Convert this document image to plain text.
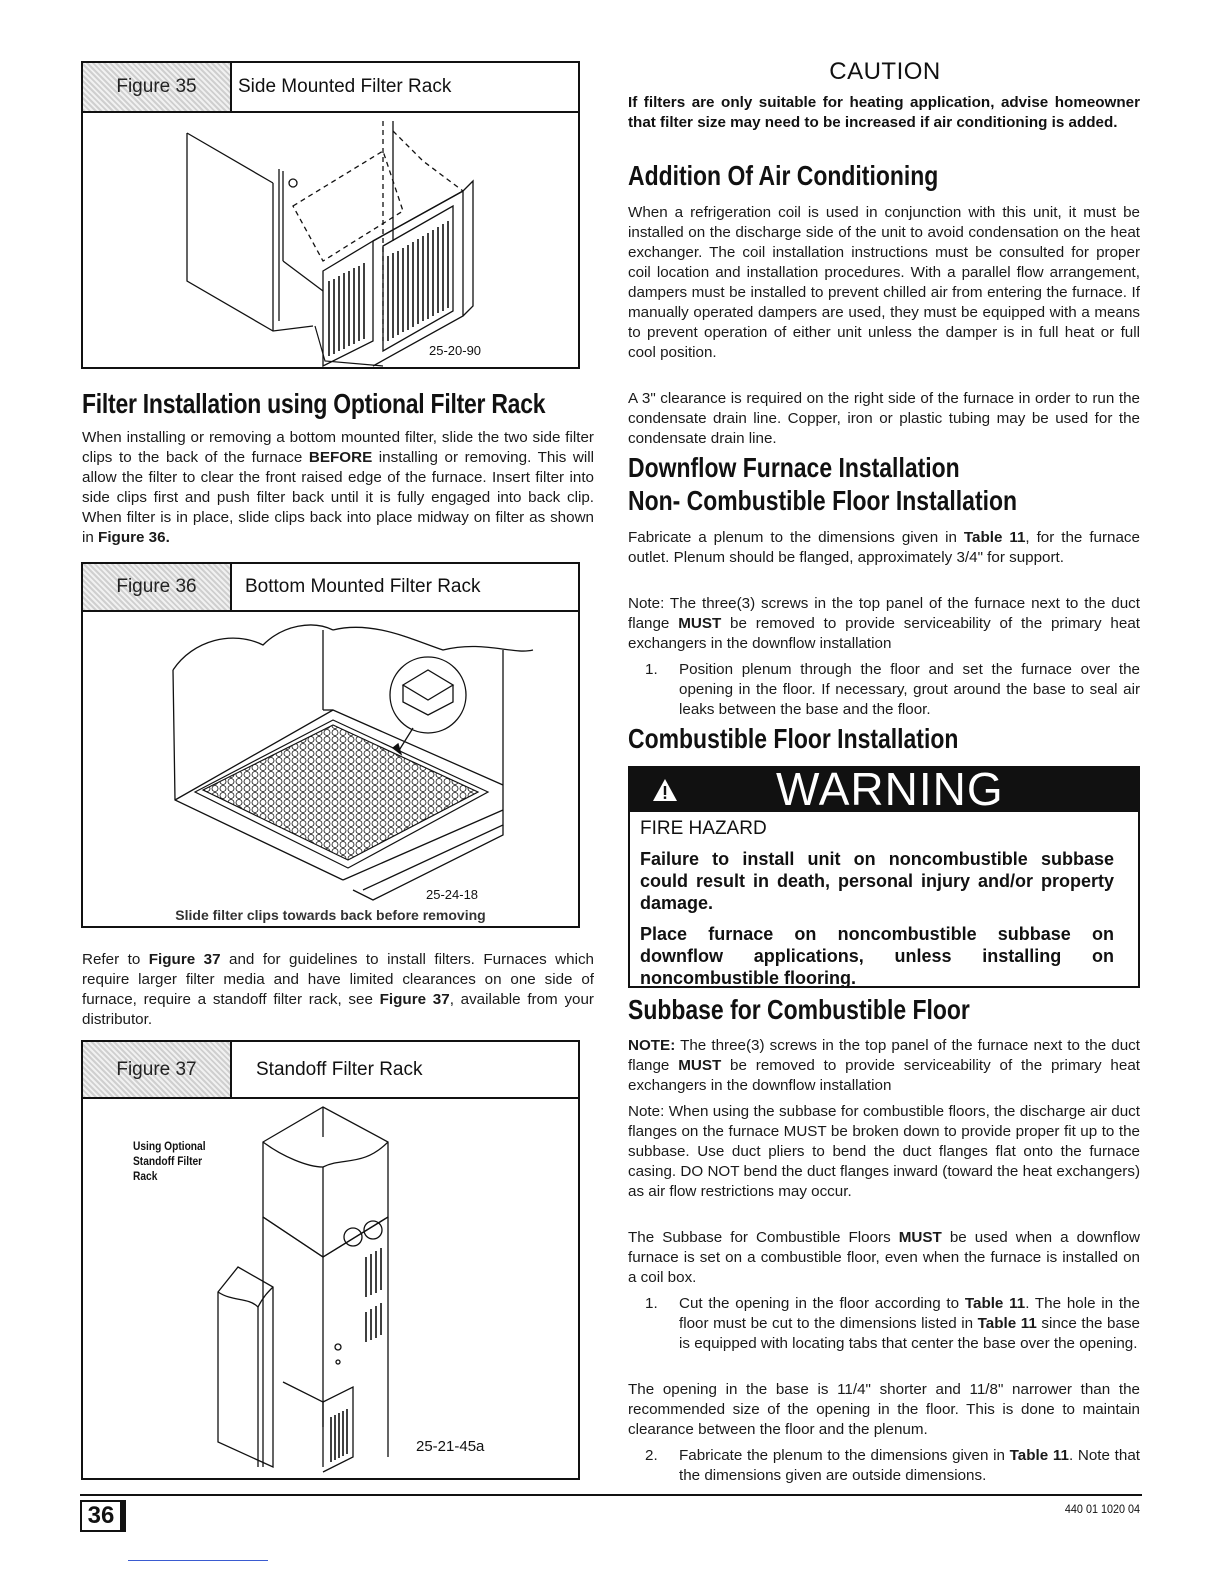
Figure 35	Side Mounted Filter Rack
25-20-90
Filter Installation using Optional Filter Rack
When installing or removing a bottom mounted filter, slide the two side filter clips to the back of the furnace BEFORE installing or removing. This will allow the filter to clear the front raised edge of the furnace. Insert filter into side clips first and push filter back until it is fully engaged into back clip. When filter is in place, slide clips back into place midway on filter as shown in Figure 36.
Figure 36	Bottom Mounted Filter Rack
25-24-18
Slide filter clips towards back before removing
Refer to Figure 37 and for guidelines to install filters. Furnaces which require larger filter media and have limited clearances on one side of furnace, require a standoff filter rack, see Figure 37, available from your distributor.
Figure 37	Standoff Filter Rack
Using Optional
Standoff Filter
Rack
25-21-45a
CAUTION
If filters are only suitable for heating application, advise homeowner that filter size may need to be increased if air conditioning is added.
Addition Of Air Conditioning
When a refrigeration coil is used in conjunction with this unit, it must be installed on the discharge side of the unit to avoid condensation on the heat exchanger. The coil installation instructions must be consulted for proper coil location and installation procedures. With a parallel flow arrangement, dampers must be installed to prevent chilled air from entering the furnace. If manually operated dampers are used, they must be equipped with a means to prevent operation of either unit unless the damper is in full heat or full cool position.
A 3" clearance is required on the right side of the furnace in order to run the condensate drain line. Copper, iron or plastic tubing may be used for the condensate drain line.
Downflow Furnace Installation
Non- Combustible Floor Installation
Fabricate a plenum to the dimensions given in Table 11, for the furnace outlet. Plenum should be flanged, approximately 3/4" for support.
Note: The three(3) screws in the top panel of the furnace next to the duct flange MUST be removed to provide serviceability of the primary heat exchangers in the downflow installation
1. Position plenum through the floor and set the furnace over the opening in the floor. If necessary, grout around the base to seal air leaks between the base and the floor.
Combustible Floor Installation
WARNING
FIRE HAZARD
Failure to install unit on noncombustible subbase could result in death, personal injury and/or property damage.
Place furnace on noncombustible subbase on downflow applications, unless installing on noncombustible flooring.
Subbase for Combustible Floor
NOTE: The three(3) screws in the top panel of the furnace next to the duct flange MUST be removed to provide serviceability of the primary heat exchangers in the downflow installation
Note: When using the subbase for combustible floors, the discharge air duct flanges on the furnace MUST be broken down to provide proper fit up to the subbase. Use duct pliers to bend the duct flanges flat onto the furnace casing. DO NOT bend the duct flanges inward (toward the heat exchangers) as air flow restrictions may occur.
The Subbase for Combustible Floors MUST be used when a downflow furnace is set on a combustible floor, even when the furnace is installed on a coil box.
1. Cut the opening in the floor according to Table 11. The hole in the floor must be cut to the dimensions listed in Table 11 since the base is equipped with locating tabs that center the base over the opening.
The opening in the base is 11/4" shorter and 11/8" narrower than the recommended size of the opening in the floor. This is done to maintain clearance between the floor and the plenum.
2. Fabricate the plenum to the dimensions given in Table 11. Note that the dimensions given are outside dimensions.
36	440 01 1020 04
